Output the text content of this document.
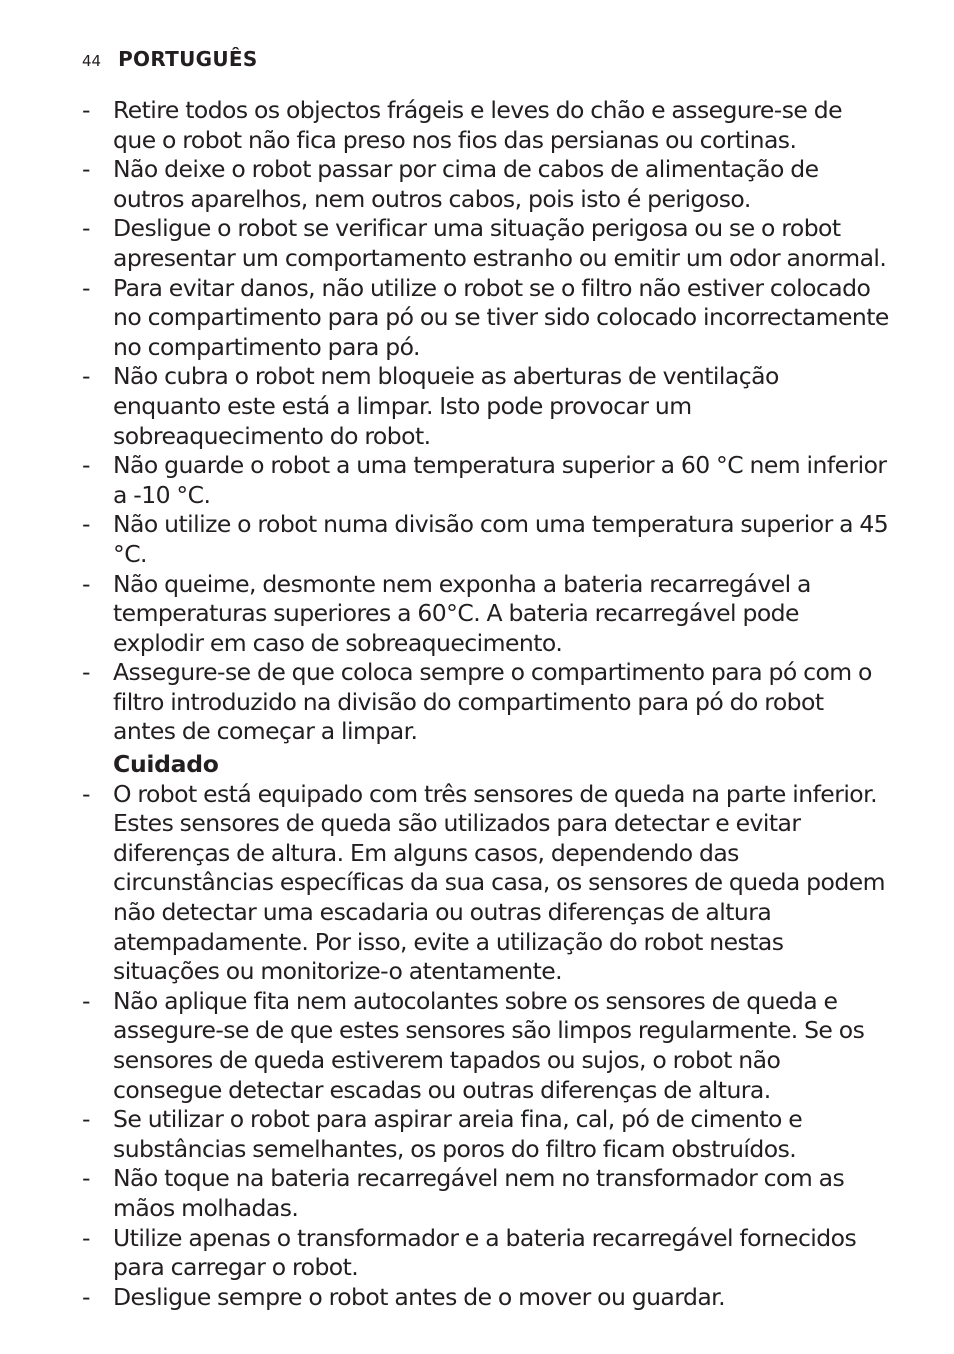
44 PORTUGUÊS
- Retire todos os objectos frágeis e leves do chão e assegure-se de que o robot não fica preso nos fios das persianas ou cortinas.
- Não deixe o robot passar por cima de cabos de alimentação de outros aparelhos, nem outros cabos, pois isto é perigoso.
- Desligue o robot se verificar uma situação perigosa ou se o robot apresentar um comportamento estranho ou emitir um odor anormal.
- Para evitar danos, não utilize o robot se o filtro não estiver colocado no compartimento para pó ou se tiver sido colocado incorrectamente no compartimento para pó.
- Não cubra o robot nem bloqueie as aberturas de ventilação enquanto este está a limpar. Isto pode provocar um sobreaquecimento do robot.
- Não guarde o robot a uma temperatura superior a 60 °C nem inferior a -10 °C.
- Não utilize o robot numa divisão com uma temperatura superior a 45 °C.
- Não queime, desmonte nem exponha a bateria recarregável a temperaturas superiores a 60°C. A bateria recarregável pode explodir em caso de sobreaquecimento.
- Assegure-se de que coloca sempre o compartimento para pó com o filtro introduzido na divisão do compartimento para pó do robot antes de começar a limpar.
Cuidado
- O robot está equipado com três sensores de queda na parte inferior. Estes sensores de queda são utilizados para detectar e evitar diferenças de altura. Em alguns casos, dependendo das circunstâncias específicas da sua casa, os sensores de queda podem não detectar uma escadaria ou outras diferenças de altura atempadamente. Por isso, evite a utilização do robot nestas situações ou monitorize-o atentamente.
- Não aplique fita nem autocolantes sobre os sensores de queda e assegure-se de que estes sensores são limpos regularmente. Se os sensores de queda estiverem tapados ou sujos, o robot não consegue detectar escadas ou outras diferenças de altura.
- Se utilizar o robot para aspirar areia fina, cal, pó de cimento e substâncias semelhantes, os poros do filtro ficam obstruídos.
- Não toque na bateria recarregável nem no transformador com as mãos molhadas.
- Utilize apenas o transformador e a bateria recarregável fornecidos para carregar o robot.
- Desligue sempre o robot antes de o mover ou guardar.
